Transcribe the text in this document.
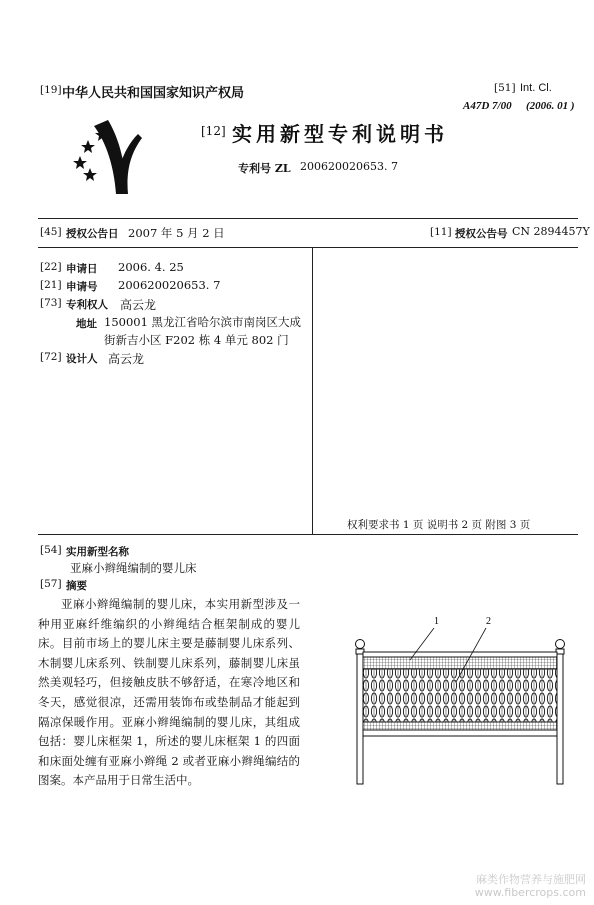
[19] 中华人民共和国国家知识产权局	[51] Int. Cl.
A47D 7/00 (2006. 01 )
[12] 实用新型专利说明书
专利号 ZL 200620020653. 7
[45] 授权公告日 2007 年 5 月 2 日	[11] 授权公告号 CN 2894457Y
[22] 申请日 2006. 4. 25
[21] 申请号 200620020653. 7
[73] 专利权人 高云龙
地址 150001 黑龙江省哈尔滨市南岗区大成
街新吉小区 F202 栋 4 单元 802 门
[72] 设计人 高云龙
权利要求书 1 页 说明书 2 页 附图 3 页
[54] 实用新型名称
亚麻小辫绳编制的婴儿床
[57] 摘要

亚麻小辫绳编制的婴儿床，本实用新型涉及一种用亚麻纤维编织的小辫绳结合框架制成的婴儿床。目前市场上的婴儿床主要是藤制婴儿床系列、木制婴儿床系列、铁制婴儿床系列，藤制婴儿床虽然美观轻巧，但接触皮肤不够舒适，在寒冷地区和冬天，感觉很凉，还需用装饰布或垫制品才能起到隔凉保暖作用。亚麻小辫绳编制的婴儿床，其组成包括：婴儿床框架 1，所述的婴儿床框架 1 的四面和床面处缠有亚麻小辫绳 2 或者亚麻小辫绳编结的图案。本产品用于日常生活中。

1	2
麻类作物营养与施肥网
www.fibercrops.com
